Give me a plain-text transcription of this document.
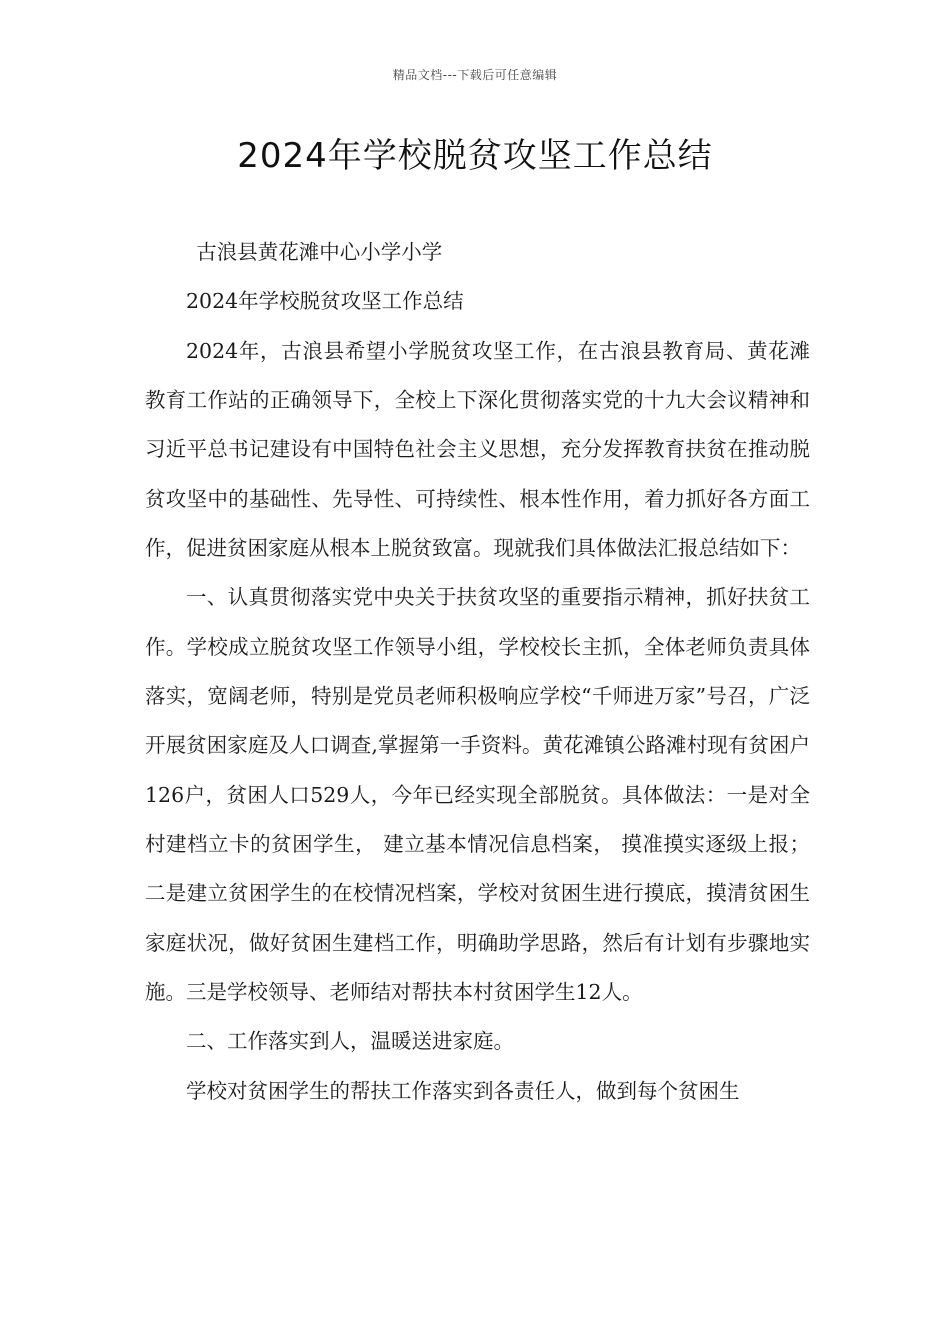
精品文档---下载后可任意编辑
2024年学校脱贫攻坚工作总结

古浪县黄花滩中心小学小学

2024年学校脱贫攻坚工作总结

2024年，古浪县希望小学脱贫攻坚工作，在古浪县教育局、黄花滩教育工作站的正确领导下，全校上下深化贯彻落实党的十九大会议精神和习近平总书记建设有中国特色社会主义思想，充分发挥教育扶贫在推动脱贫攻坚中的基础性、先导性、可持续性、根本性作用，着力抓好各方面工作，促进贫困家庭从根本上脱贫致富。现就我们具体做法汇报总结如下：

一、认真贯彻落实党中央关于扶贫攻坚的重要指示精神，抓好扶贫工作。学校成立脱贫攻坚工作领导小组，学校校长主抓，全体老师负责具体落实，宽阔老师，特别是党员老师积极响应学校“千师进万家”号召，广泛开展贫困家庭及人口调查,掌握第一手资料。黄花滩镇公路滩村现有贫困户126户，贫困人口529人，今年已经实现全部脱贫。具体做法：一是对全村建档立卡的贫困学生， 建立基本情况信息档案， 摸准摸实逐级上报； 二是建立贫困学生的在校情况档案，学校对贫困生进行摸底，摸清贫困生家庭状况，做好贫困生建档工作，明确助学思路，然后有计划有步骤地实施。三是学校领导、老师结对帮扶本村贫困学生12人。

二、工作落实到人，温暖送进家庭。

学校对贫困学生的帮扶工作落实到各责任人，做到每个贫困生
